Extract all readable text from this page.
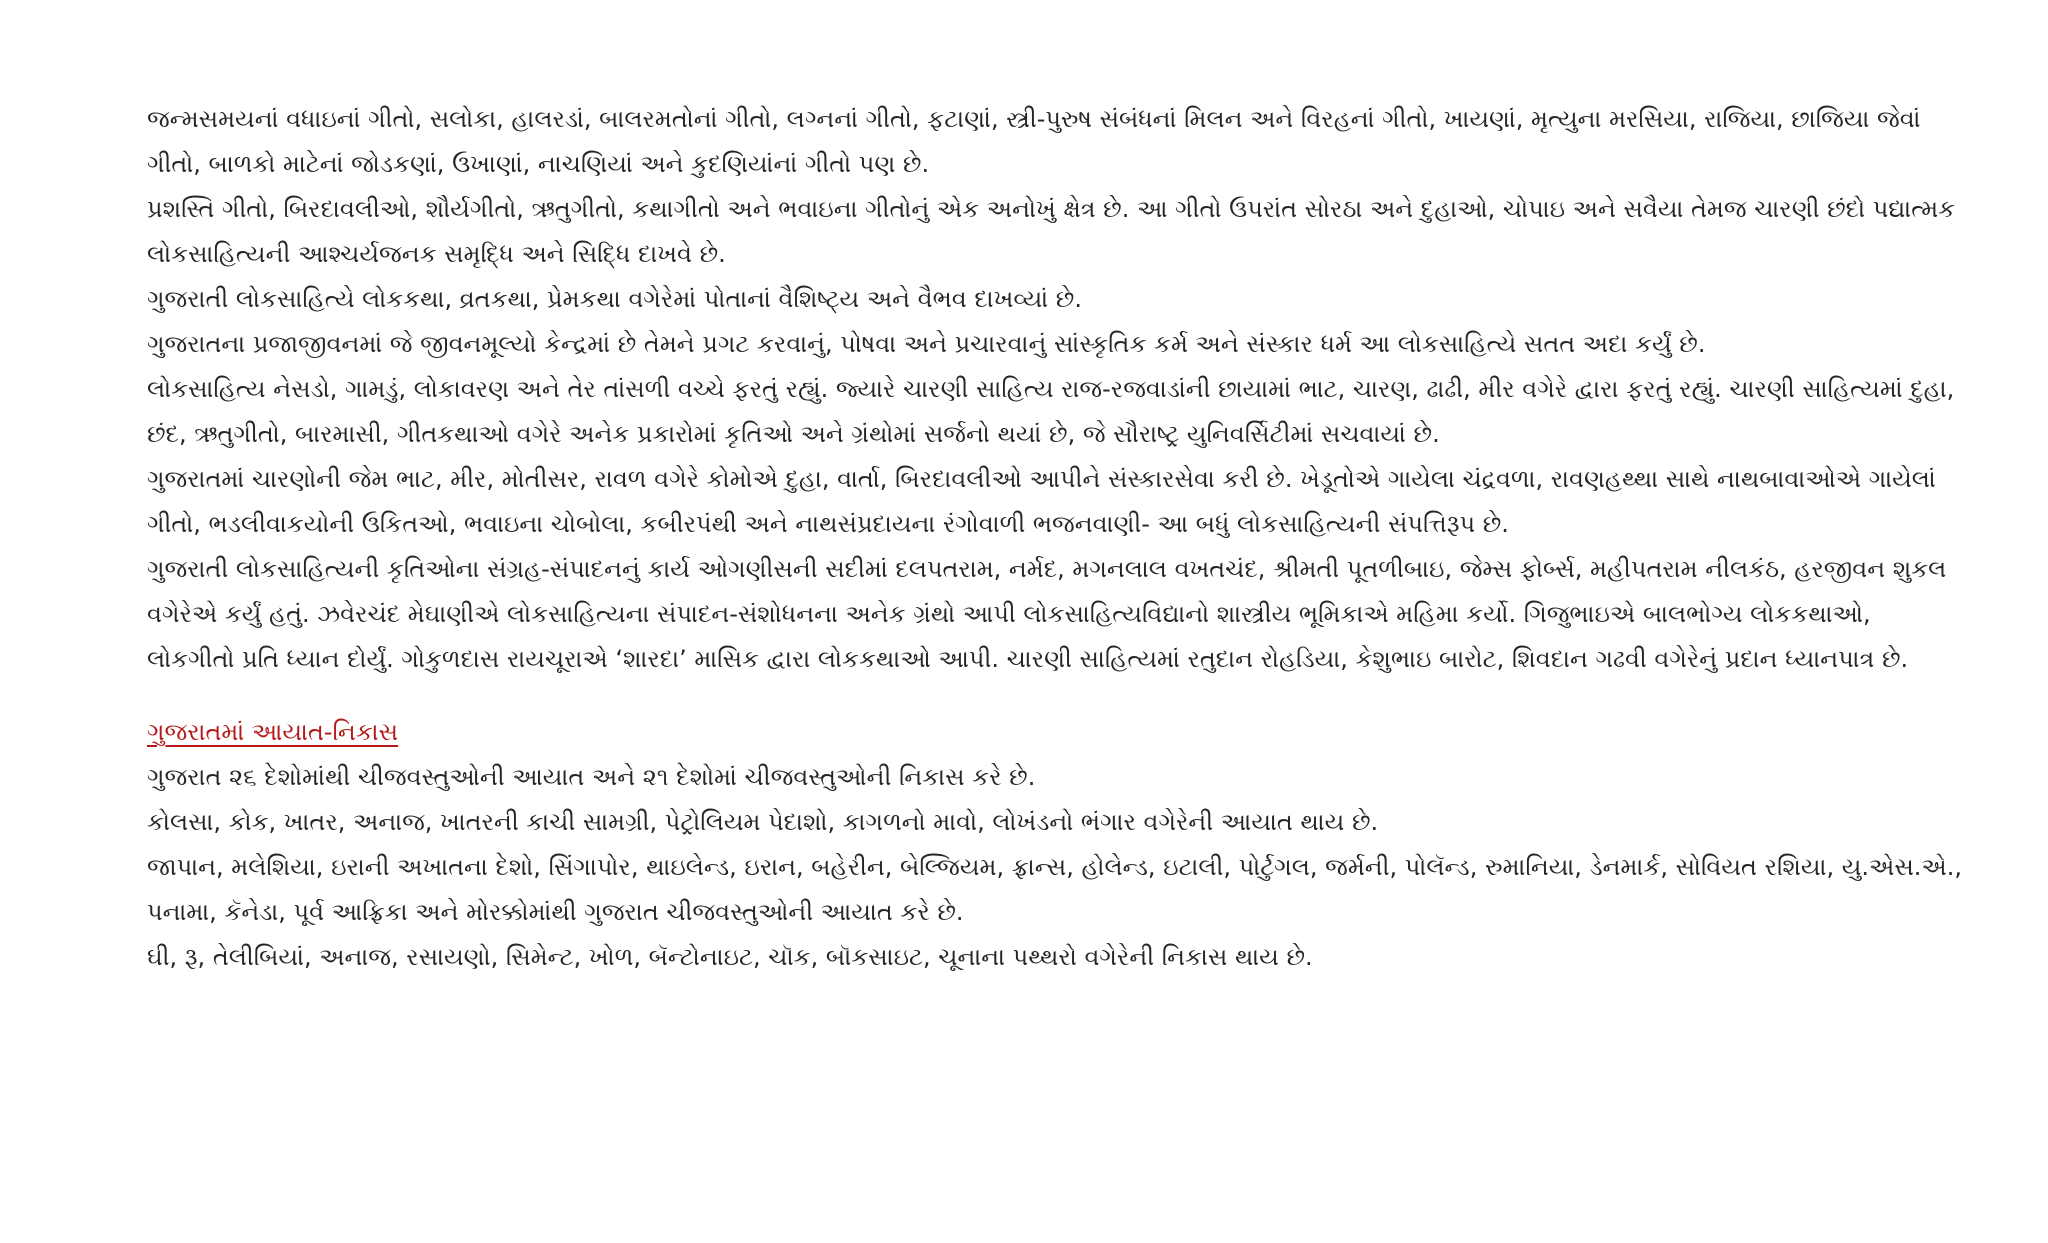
જન્મસમયનાં વધાઇનાં ગીતો, સલોકા, હાલરડાં, બાલરમતોનાં ગીતો, લગ્નનાં ગીતો, ફટાણાં, સ્ત્રી-પુરુષ સંબંધનાં મિલન અને વિરહનાં ગીતો, ખાયણાં, મૃત્યુના મરસિયા, રાજિયા, છાજિયા જેવાં ગીતો, બાળકો માટેનાં જોડકણાં, ઉખાણાં, નાચણિયાં અને કુદણિયાંનાં ગીતો પણ છે.

પ્રશસ્તિ ગીતો, બિરદાવલીઓ, શૌર્યગીતો, ઋતુગીતો, કથાગીતો અને ભવાઇના ગીતોનું એક અનોખું ક્ષેત્ર છે. આ ગીતો ઉપરાંત સોરઠા અને દુહાઓ, ચોપાઇ અને સવૈયા તેમજ ચારણી છંદો પદ્યાત્મક લોકસાહિત્યની આશ્ચર્યજનક સમૃદ્ધિ અને સિદ્ધિ દાખવે છે.

ગુજરાતી લોકસાહિત્યે લોકકથા, વ્રતકથા, પ્રેમકથા વગેરેમાં પોતાનાં વૈશિષ્ટ્ય અને વૈભવ દાખવ્યાં છે.

ગુજરાતના પ્રજાજીવનમાં જે જીવનમૂલ્યો કેન્દ્રમાં છે તેમને પ્રગટ કરવાનું, પોષવા અને પ્રચારવાનું સાંસ્કૃતિક કર્મ અને સંસ્કાર ધર્મ આ લોકસાહિત્યે સતત અદા કર્યું છે.

લોકસાહિત્ય નેસડો, ગામડું, લોકાવરણ અને તેર તાંસળી વચ્ચે ફરતું રહ્યું. જ્યારે ચારણી સાહિત્ય રાજ-રજવાડાંની છાયામાં ભાટ, ચારણ, ઢાઢી, મીર વગેરે દ્વારા ફરતું રહ્યું. ચારણી સાહિત્યમાં દુહા, છંદ, ઋતુગીતો, બારમાસી, ગીતકથાઓ વગેરે અનેક પ્રકારોમાં કૃતિઓ અને ગ્રંથોમાં સર્જનો થયાં છે, જે સૌરાષ્ટ્ર યુનિવર્સિટીમાં સચવાયાં છે.

ગુજરાતમાં ચારણોની જેમ ભાટ, મીર, મોતીસર, રાવળ વગેરે કોમોએ દુહા, વાર્તા, બિરદાવલીઓ આપીને સંસ્કારસેવા કરી છે. ખેડૂતોએ ગાયેલા ચંદ્રવળા, રાવણહથ્થા સાથે નાથબાવાઓએ ગાયેલાં ગીતો, ભડલીવાકયોની ઉકિતઓ, ભવાઇના ચોબોલા, કબીરપંથી અને નાથસંપ્રદાયના રંગોવાળી ભજનવાણી- આ બધું લોકસાહિત્યની સંપત્તિરૂપ છે.

ગુજરાતી લોકસાહિત્યની કૃતિઓના સંગ્રહ-સંપાદનનું કાર્ય ઓગણીસની સદીમાં દલપતરામ, નર્મદ, મગનલાલ વખતચંદ, શ્રીમતી પૂતળીબાઇ, જેમ્સ ફોર્બ્સ, મહીપતરામ નીલકંઠ, હરજીવન શુકલ વગેરેએ કર્યું હતું. ઝવેરચંદ મેઘાણીએ લોકસાહિત્યના સંપાદન-સંશોધનના અનેક ગ્રંથો આપી લોકસાહિત્યવિદ્યાનો શાસ્ત્રીય ભૂમિકાએ મહિમા કર્યો. ગિજુભાઇએ બાલભોગ્ય લોકકથાઓ, લોકગીતો પ્રતિ ધ્યાન દોર્યું. ગોકુળદાસ રાયચૂરાએ ‘શારદા’ માસિક દ્વારા લોકકથાઓ આપી. ચારણી સાહિત્યમાં રતુદાન રોહડિયા, કેશુભાઇ બારોટ, શિવદાન ગઢવી વગેરેનું પ્રદાન ધ્યાનપાત્ર છે.

ગુજરાતમાં આયાત-નિકાસ

ગુજરાત ૨૬ દેશોમાંથી ચીજવસ્તુઓની આયાત અને ૨૧ દેશોમાં ચીજવસ્તુઓની નિકાસ કરે છે.

કોલસા, કોક, ખાતર, અનાજ, ખાતરની કાચી સામગ્રી, પેટ્રોલિયમ પેદાશો, કાગળનો માવો, લોખંડનો ભંગાર વગેરેની આયાત થાય છે.

જાપાન, મલેશિયા, ઇરાની અખાતના દેશો, સિંગાપોર, થાઇલેન્ડ, ઇરાન, બહેરીન, બેલ્જિયમ, ફ્રાન્સ, હોલેન્ડ, ઇટાલી, પોર્ટુગલ, જર્મની, પોલૅન્ડ, રુમાનિયા, ડેનમાર્ક, સોવિયત રશિયા, યુ.એસ.એ., પનામા, કૅનેડા, પૂર્વ આફ્રિકા અને મોરક્કોમાંથી ગુજરાત ચીજવસ્તુઓની આયાત કરે છે.

ઘી, રૂ, તેલીબિયાં, અનાજ, રસાયણો, સિમેન્ટ, ખોળ, બૅન્ટોનાઇટ, ચૉક, બૉકસાઇટ, ચૂનાના પથ્થરો વગેરેની નિકાસ થાય છે.
